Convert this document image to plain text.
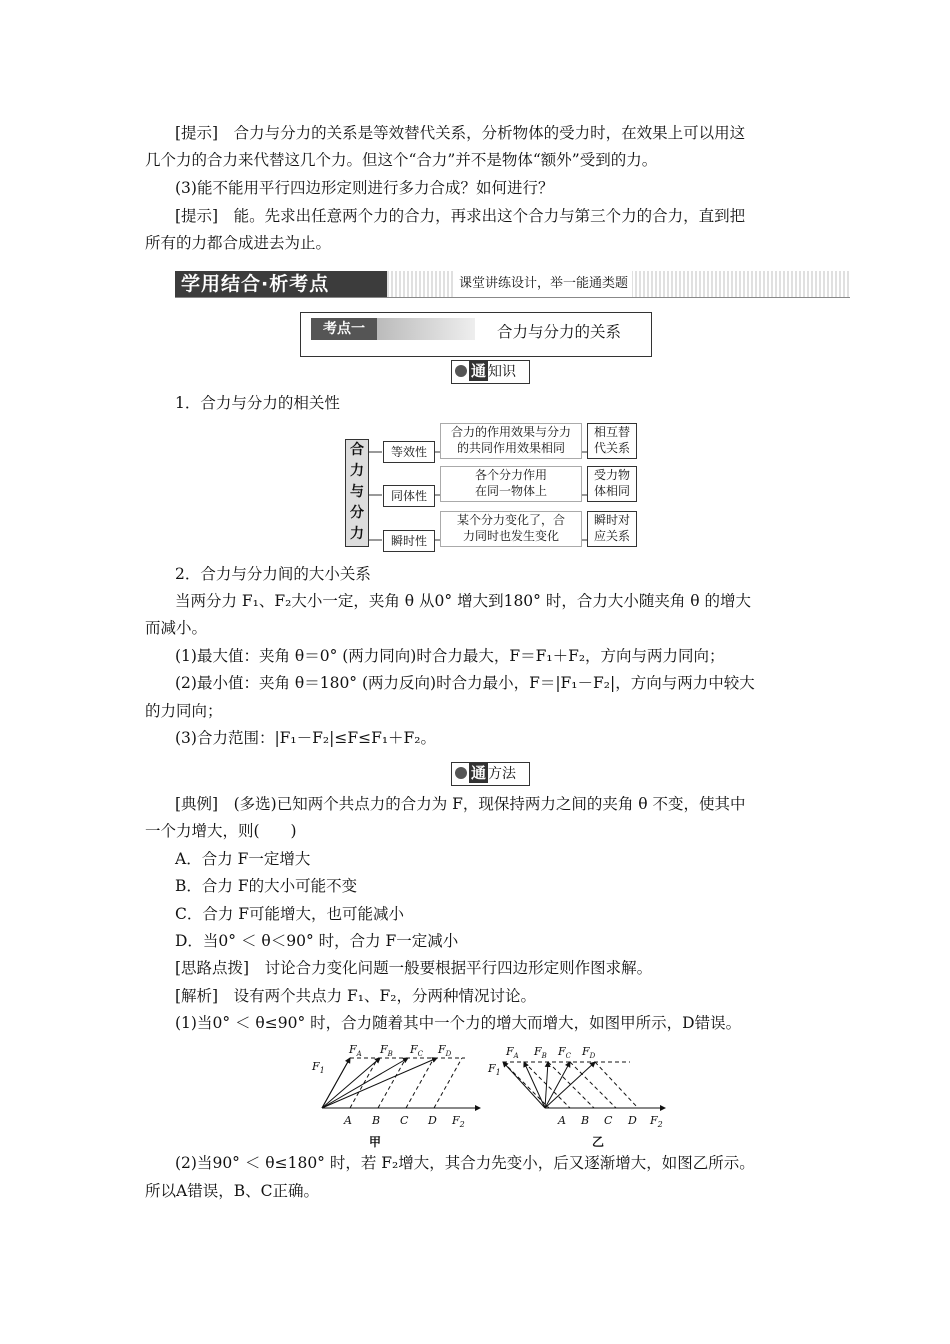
[提示]　合力与分力的关系是等效替代关系，分析物体的受力时，在效果上可以用这
几个力的合力来代替这几个力。但这个“合力”并不是物体“额外”受到的力。
(3)能不能用平行四边形定则进行多力合成？如何进行？
[提示]　能。先求出任意两个力的合力，再求出这个合力与第三个力的合力，直到把
所有的力都合成进去为止。
学用结合·析考点	课堂讲练设计，举一能通类题
考点一	合力与分力的关系
通 知识
1．合力与分力的相关性
合
力
与
分
力
等效性
合力的作用效果与分力
的共同作用效果相同
相互替
代关系
同体性
各个分力作用
在同一物体上
受力物
体相同
瞬时性
某个分力变化了，合
力同时也发生变化
瞬时对
应关系
2．合力与分力间的大小关系
当两分力 F₁、F₂大小一定，夹角 θ 从0° 增大到180° 时，合力大小随夹角 θ 的增大
而减小。
(1)最大值：夹角 θ＝0° (两力同向)时合力最大，F＝F₁＋F₂，方向与两力同向；
(2)最小值：夹角 θ＝180° (两力反向)时合力最小，F＝|F₁－F₂|，方向与两力中较大
的力同向；
(3)合力范围：|F₁－F₂|≤F≤F₁＋F₂。
通 方法
[典例]　(多选)已知两个共点力的合力为 F，现保持两力之间的夹角 θ 不变，使其中
一个力增大，则(　　)
A．合力 F一定增大
B．合力 F的大小可能不变
C．合力 F可能增大，也可能减小
D．当0° ＜ θ＜90° 时，合力 F一定减小
[思路点拨]　讨论合力变化问题一般要根据平行四边形定则作图求解。
[解析]　设有两个共点力 F₁、F₂，分两种情况讨论。
(1)当0° ＜ θ≤90° 时，合力随着其中一个力的增大而增大，如图甲所示，D错误。
$F_1$
$F_A$ $F_B$ $F_C$ $F_D$
A B C D $F_2$
$F_1$
$F_A$ $F_B$ $F_C$ $F_D$
A B C D $F_2$
甲	乙
(2)当90° ＜ θ≤180° 时，若 F₂增大，其合力先变小，后又逐渐增大，如图乙所示。
所以A错误，B、C正确。
